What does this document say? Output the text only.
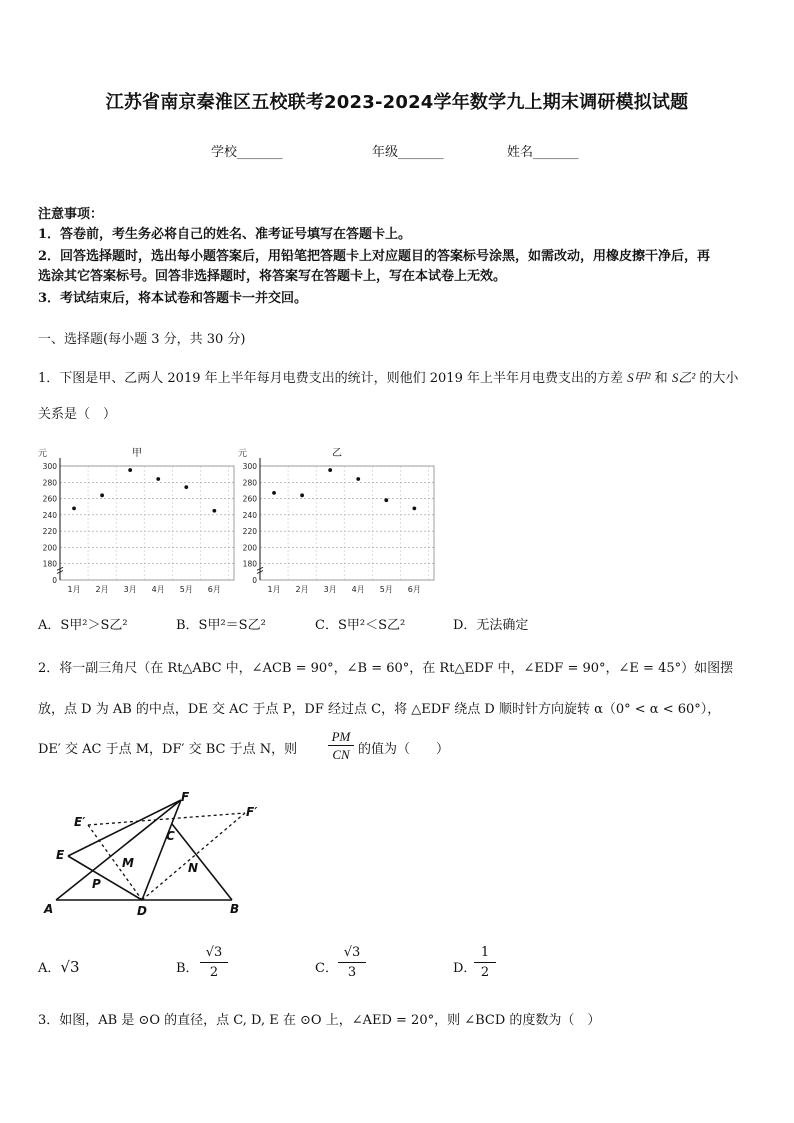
江苏省南京秦淮区五校联考2023-2024学年数学九上期末调研模拟试题
学校_______	年级_______	姓名_______
注意事项：
1．答卷前，考生务必将自己的姓名、准考证号填写在答题卡上。
2．回答选择题时，选出每小题答案后，用铅笔把答题卡上对应题目的答案标号涂黑，如需改动，用橡皮擦干净后，再
选涂其它答案标号。回答非选择题时，将答案写在答题卡上，写在本试卷上无效。
3．考试结束后，将本试卷和答题卡一并交回。
一、选择题(每小题 3 分，共 30 分)
1．下图是甲、乙两人 2019 年上半年每月电费支出的统计，则他们 2019 年上半年月电费支出的方差 S甲² 和 S乙² 的大小
关系是（　）
元	甲
0
180
200
220
240
260
280
300
1月 2月 3月 4月 5月 6月
元	乙
0
180
200
220
240
260
280
300
1月 2月 3月 4月 5月 6月
A．S甲²＞S乙²	B．S甲²＝S乙²	C．S甲²＜S乙²	D．无法确定
2．将一副三角尺（在 Rt△ABC 中，∠ACB = 90°，∠B = 60°，在 Rt△EDF 中，∠EDF = 90°，∠E = 45°）如图摆
放，点 D 为 AB 的中点，DE 交 AC 于点 P，DF 经过点 C，将 △EDF 绕点 D 顺时针方向旋转 α（0° < α < 60°），
DE′ 交 AC 于点 M，DF′ 交 BC 于点 N，则 $\frac{PM}{CN}$ 的值为（　　）
F
F′
E′
E
C
M	N
P
A	D	B
A．√3	B． $\frac{√3}{2}$	C． $\frac{√3}{3}$	D．
$\frac{1}{2}$
3．如图，AB 是 ⊙O 的直径，点 C, D, E 在 ⊙O 上，∠AED = 20°，则 ∠BCD 的度数为（　）
